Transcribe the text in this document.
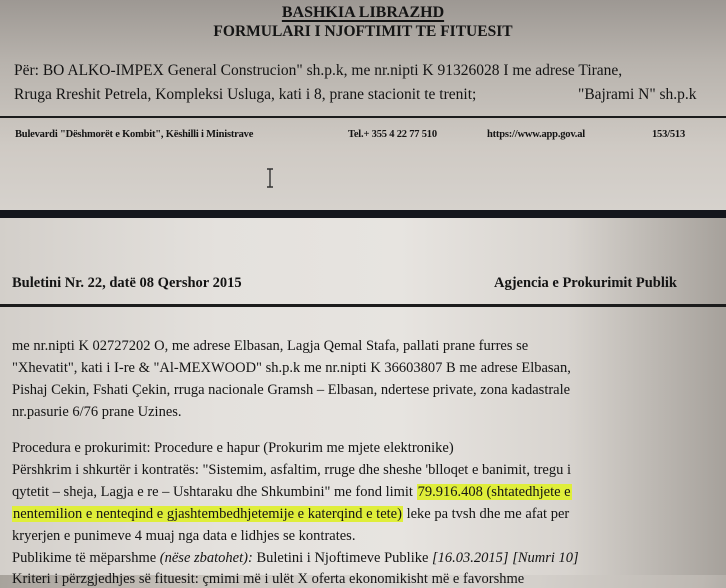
BASHKIA LIBRAZHD
FORMULARI I NJOFTIMIT TE FITUESIT
Për: BO ALKO-IMPEX General Construcion" sh.p.k, me nr.nipti K 91326028 I me adrese Tirane,
Rruga Rreshit Petrela, Kompleksi Usluga, kati i 8, prane stacionit te trenit;	"Bajrami N" sh.p.k
Bulevardi "Dëshmorët e Kombit", Këshilli i Ministrave	Tel.+ 355 4 22 77 510	https://www.app.gov.al	153/513
Buletini Nr. 22, datë 08 Qershor 2015	Agjencia e Prokurimit Publik
me nr.nipti K 02727202 O, me adrese Elbasan, Lagja Qemal Stafa, pallati prane furres se
"Xhevatit", kati i I-re & "Al-MEXWOOD" sh.p.k me nr.nipti K 36603807 B me adrese Elbasan,
Pishaj Cekin, Fshati Çekin, rruga nacionale Gramsh – Elbasan, ndertese private, zona kadastrale
nr.pasurie 6/76 prane Uzines.
Procedura e prokurimit: Procedure e hapur (Prokurim me mjete elektronike)
Përshkrim i shkurtër i kontratës: "Sistemim, asfaltim, rruge dhe sheshe 'blloqet e banimit, tregu i
qytetit – sheja, Lagja e re – Ushtaraku dhe Shkumbini" me fond limit 79.916.408 (shtatedhjete e
nentemilion e nenteqind e gjashtembedhjetemije e katerqind e tete) leke pa tvsh dhe me afat per
kryerjen e punimeve 4 muaj nga data e lidhjes se kontrates.
Publikime të mëparshme (nëse zbatohet): Buletini i Njoftimeve Publike [16.03.2015] [Numri 10]
Kriteri i përzgjedhjes së fituesit: çmimi më i ulët X oferta ekonomikisht më e favorshme
